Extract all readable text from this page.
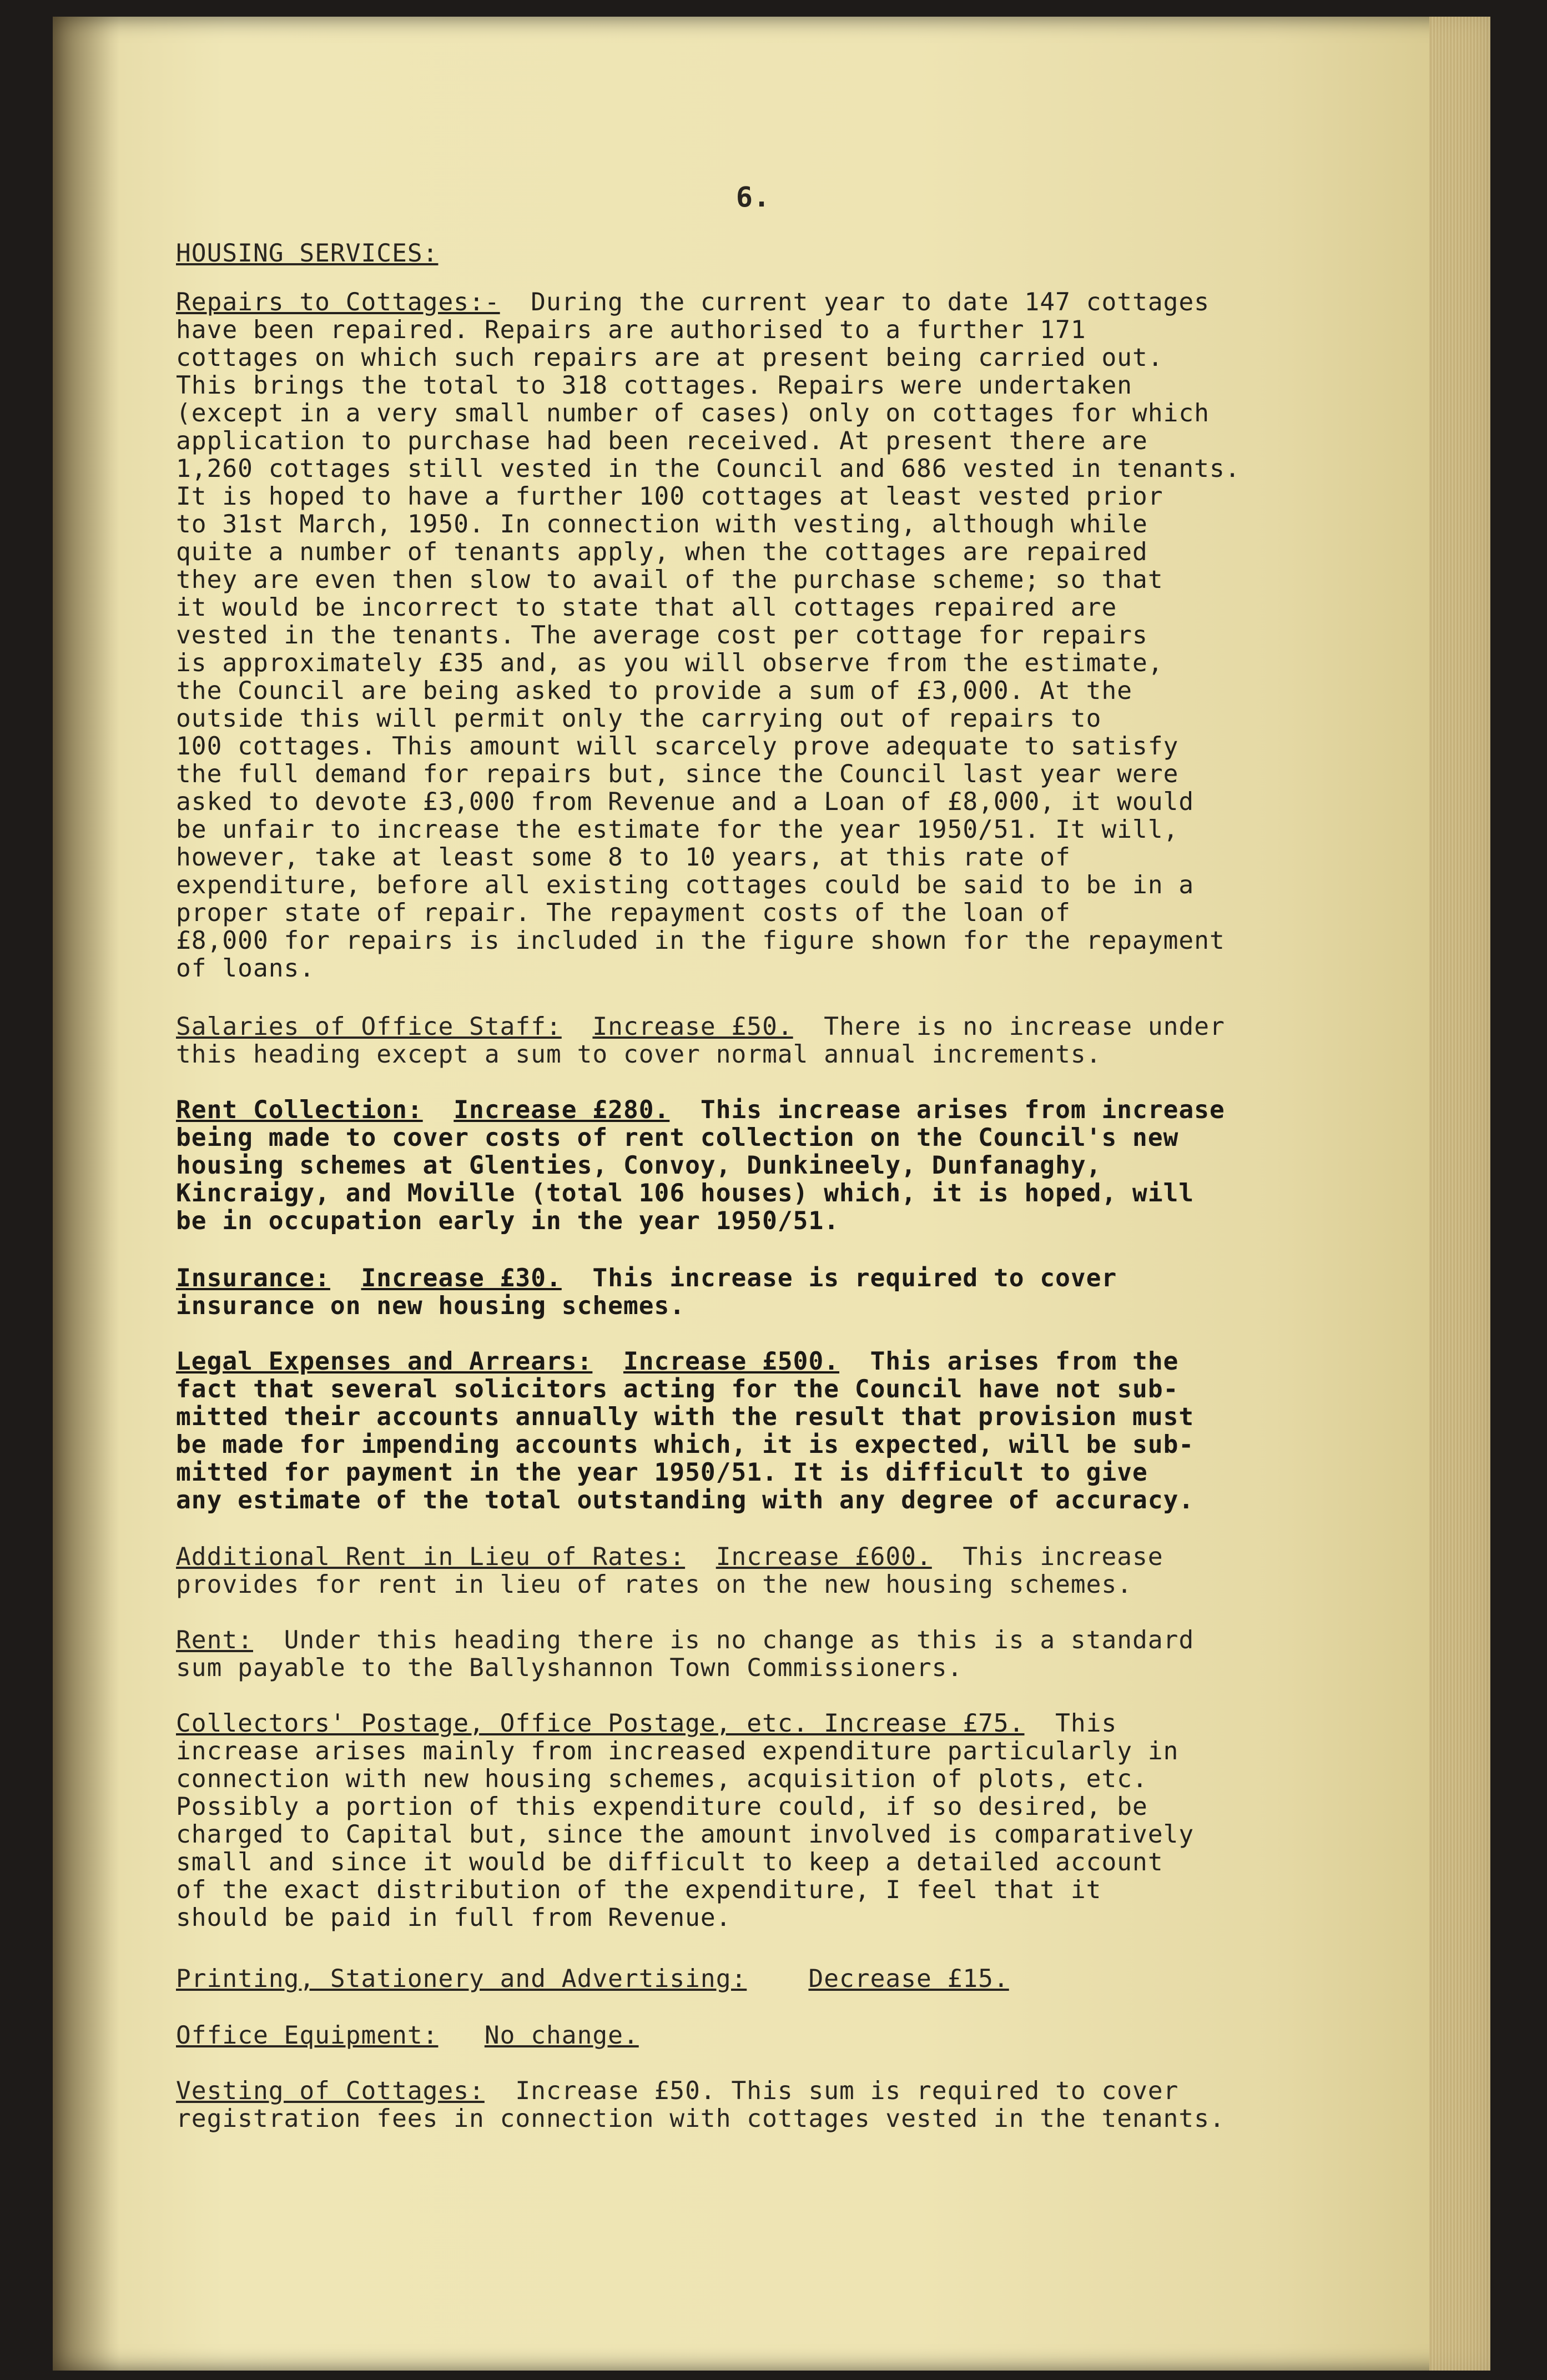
6.
HOUSING SERVICES:
Repairs to Cottages:- During the current year to date 147 cottages
have been repaired. Repairs are authorised to a further 171
cottages on which such repairs are at present being carried out.
This brings the total to 318 cottages. Repairs were undertaken
(except in a very small number of cases) only on cottages for which
application to purchase had been received. At present there are
1,260 cottages still vested in the Council and 686 vested in tenants.
It is hoped to have a further 100 cottages at least vested prior
to 31st March, 1950. In connection with vesting, although while
quite a number of tenants apply, when the cottages are repaired
they are even then slow to avail of the purchase scheme; so that
it would be incorrect to state that all cottages repaired are
vested in the tenants. The average cost per cottage for repairs
is approximately £35 and, as you will observe from the estimate,
the Council are being asked to provide a sum of £3,000. At the
outside this will permit only the carrying out of repairs to
100 cottages. This amount will scarcely prove adequate to satisfy
the full demand for repairs but, since the Council last year were
asked to devote £3,000 from Revenue and a Loan of £8,000, it would
be unfair to increase the estimate for the year 1950/51. It will,
however, take at least some 8 to 10 years, at this rate of
expenditure, before all existing cottages could be said to be in a
proper state of repair. The repayment costs of the loan of
£8,000 for repairs is included in the figure shown for the repayment
of loans.
Salaries of Office Staff: Increase £50. There is no increase under
this heading except a sum to cover normal annual increments.
Rent Collection: Increase £280. This increase arises from increase
being made to cover costs of rent collection on the Council's new
housing schemes at Glenties, Convoy, Dunkineely, Dunfanaghy,
Kincraigy, and Moville (total 106 houses) which, it is hoped, will
be in occupation early in the year 1950/51.
Insurance: Increase £30. This increase is required to cover
insurance on new housing schemes.
Legal Expenses and Arrears: Increase £500. This arises from the
fact that several solicitors acting for the Council have not sub-
mitted their accounts annually with the result that provision must
be made for impending accounts which, it is expected, will be sub-
mitted for payment in the year 1950/51. It is difficult to give
any estimate of the total outstanding with any degree of accuracy.
Additional Rent in Lieu of Rates: Increase £600. This increase
provides for rent in lieu of rates on the new housing schemes.
Rent: Under this heading there is no change as this is a standard
sum payable to the Ballyshannon Town Commissioners.
Collectors' Postage, Office Postage, etc. Increase £75. This
increase arises mainly from increased expenditure particularly in
connection with new housing schemes, acquisition of plots, etc.
Possibly a portion of this expenditure could, if so desired, be
charged to Capital but, since the amount involved is comparatively
small and since it would be difficult to keep a detailed account
of the exact distribution of the expenditure, I feel that it
should be paid in full from Revenue.
Printing, Stationery and Advertising: Decrease £15.
Office Equipment: No change.
Vesting of Cottages: Increase £50. This sum is required to cover
registration fees in connection with cottages vested in the tenants.
